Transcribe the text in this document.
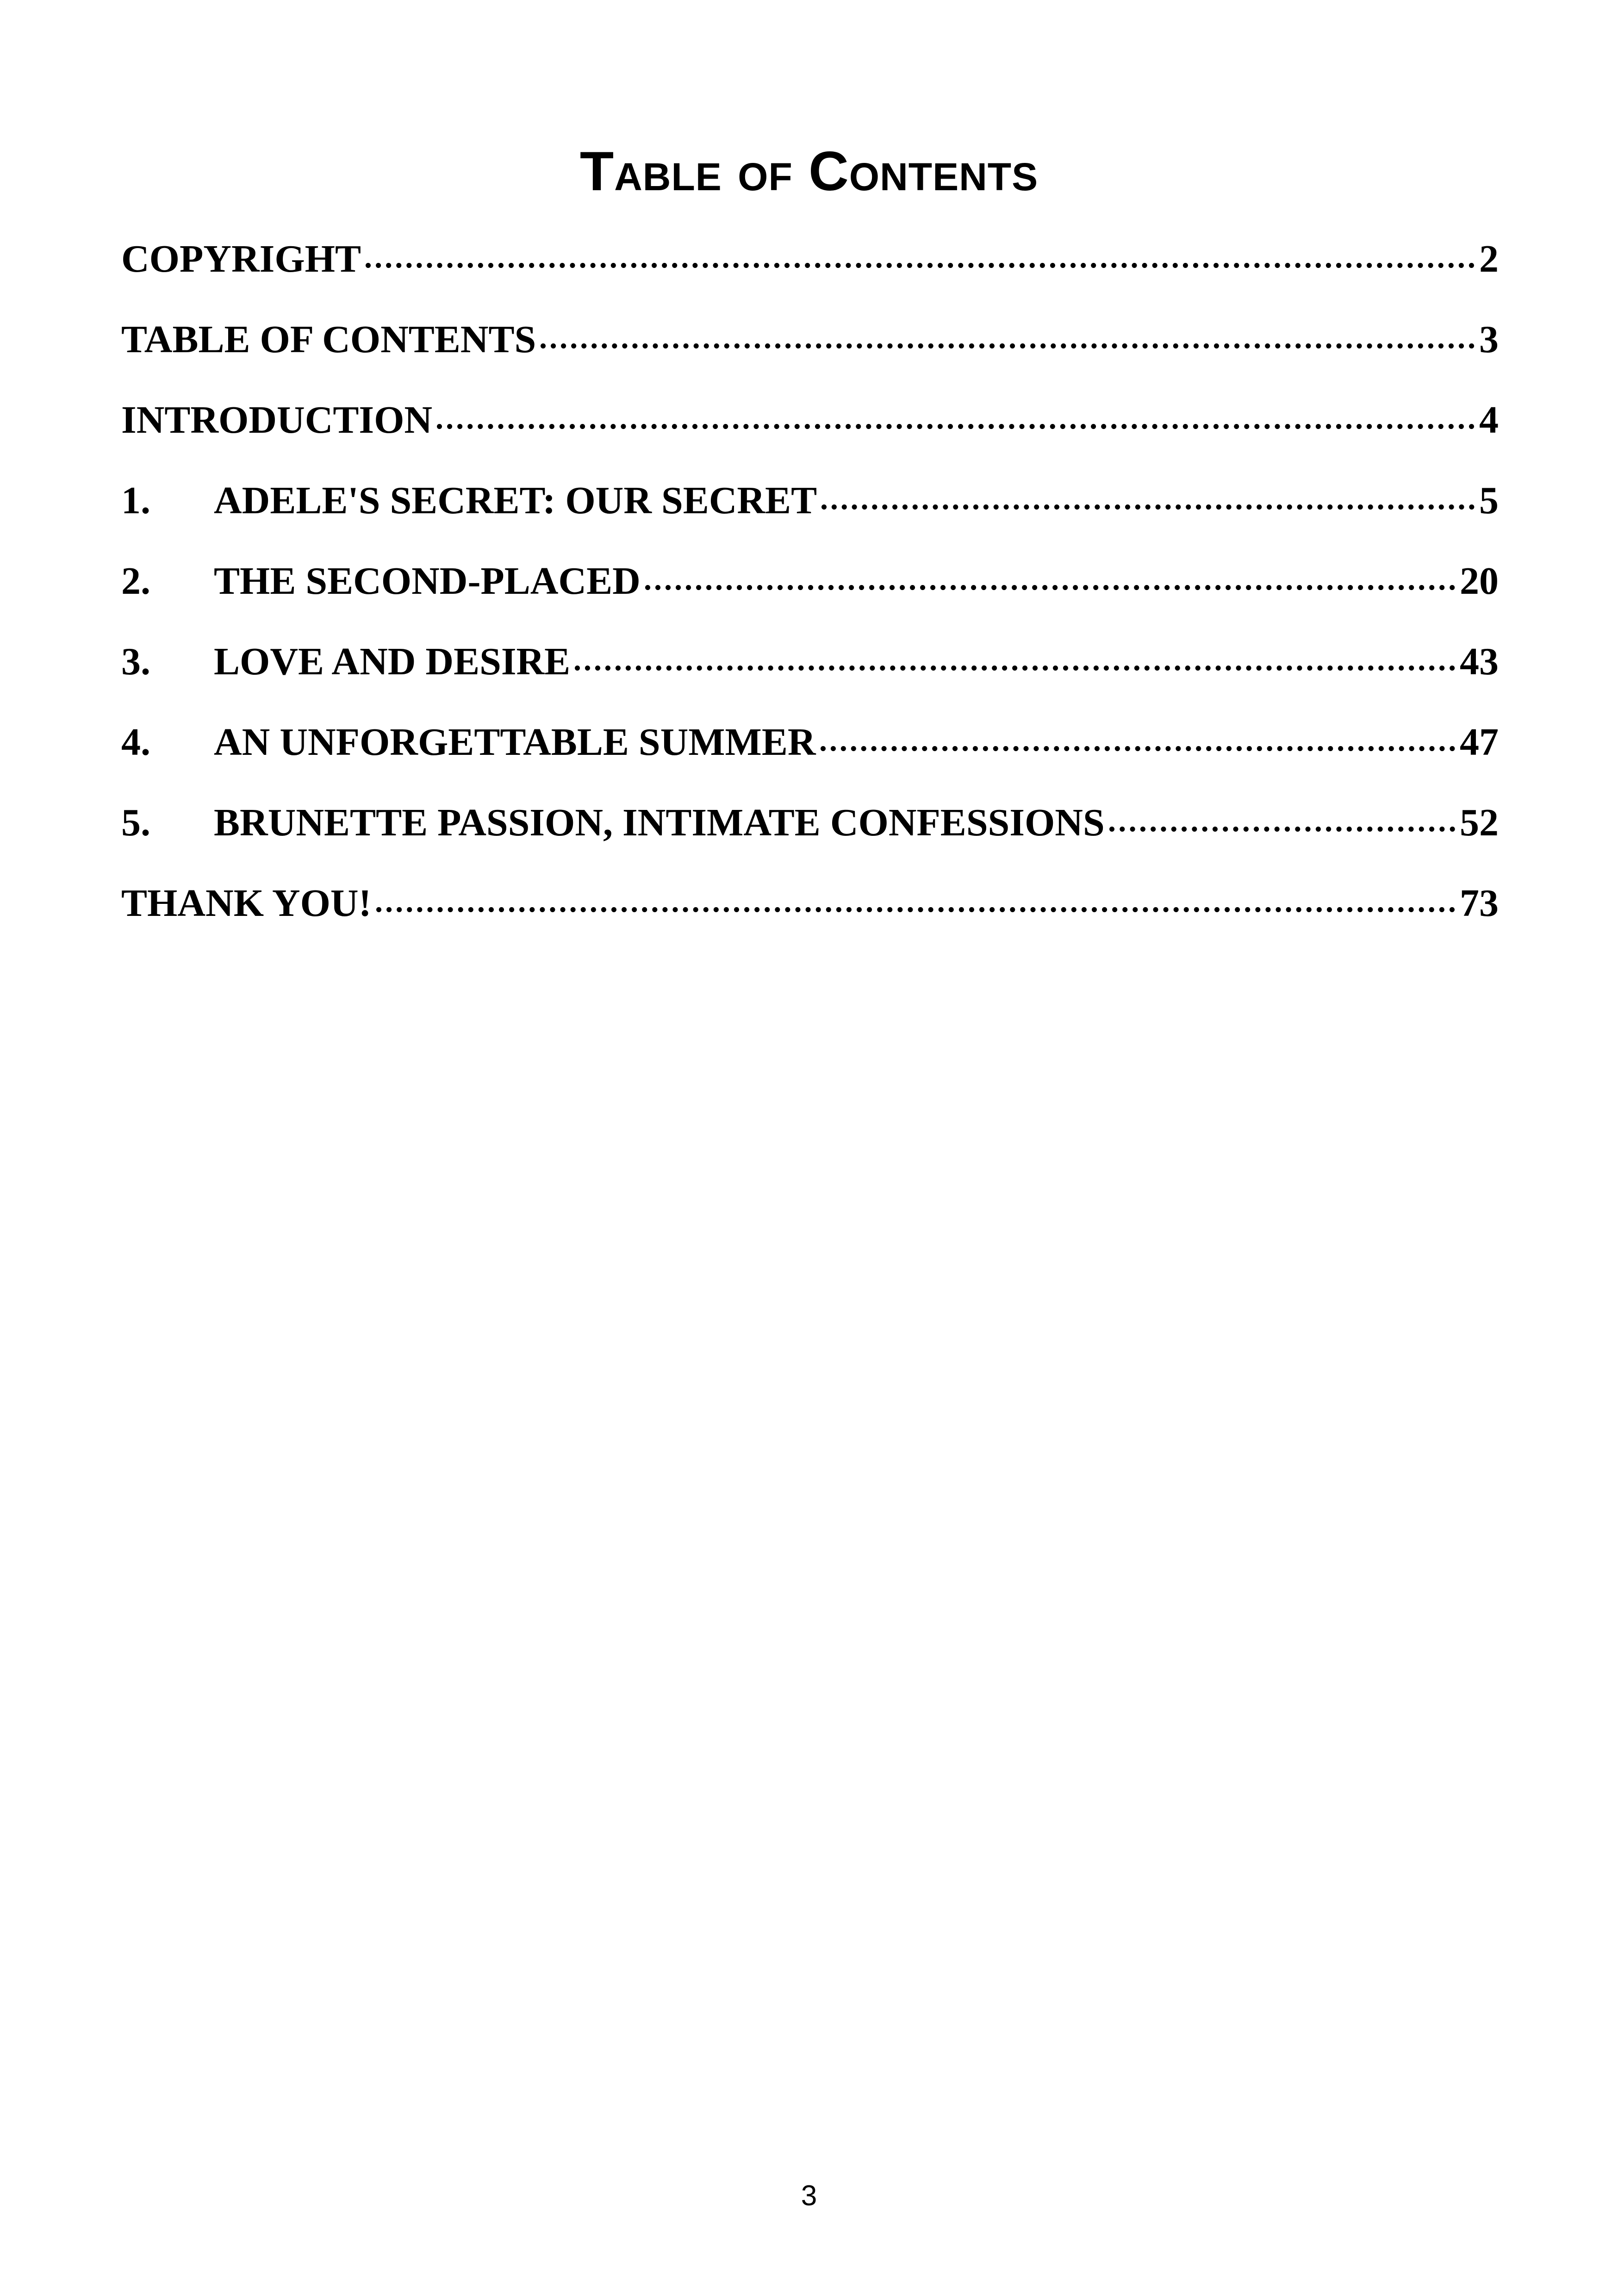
Table of Contents
COPYRIGHT	2
TABLE OF CONTENTS	3
INTRODUCTION	4
1.	ADELE'S SECRET: OUR SECRET	5
2.	THE SECOND-PLACED	20
3.	LOVE AND DESIRE	43
4.	AN UNFORGETTABLE SUMMER	47
5.	BRUNETTE PASSION, INTIMATE CONFESSIONS	52
THANK YOU!	73
3
